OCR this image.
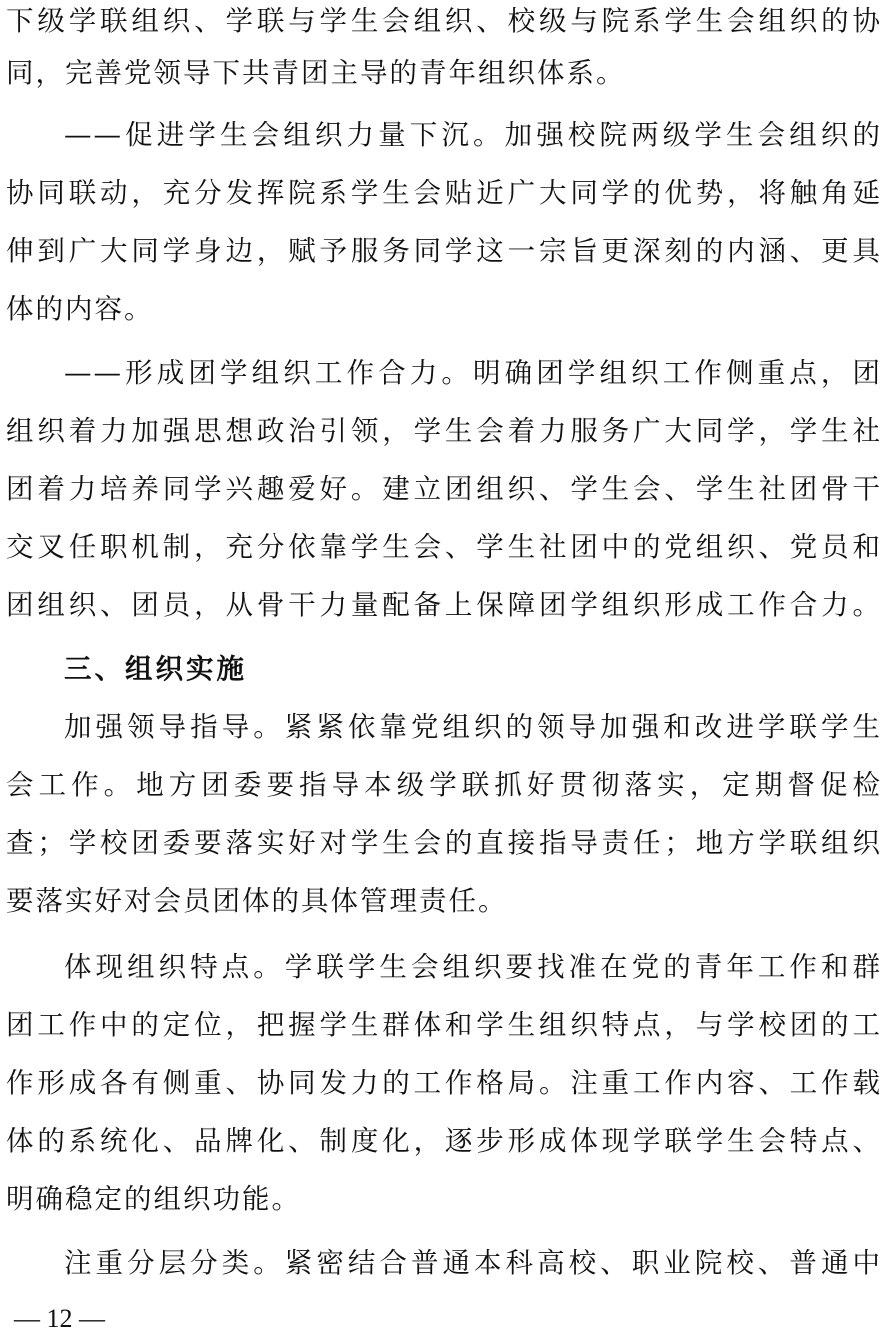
下级学联组织、学联与学生会组织、校级与院系学生会组织的协
同，完善党领导下共青团主导的青年组织体系。
——促进学生会组织力量下沉。加强校院两级学生会组织的
协同联动，充分发挥院系学生会贴近广大同学的优势，将触角延
伸到广大同学身边，赋予服务同学这一宗旨更深刻的内涵、更具
体的内容。
——形成团学组织工作合力。明确团学组织工作侧重点，团
组织着力加强思想政治引领，学生会着力服务广大同学，学生社
团着力培养同学兴趣爱好。建立团组织、学生会、学生社团骨干
交叉任职机制，充分依靠学生会、学生社团中的党组织、党员和
团组织、团员，从骨干力量配备上保障团学组织形成工作合力。
三、组织实施
加强领导指导。紧紧依靠党组织的领导加强和改进学联学生
会工作。地方团委要指导本级学联抓好贯彻落实，定期督促检
查；学校团委要落实好对学生会的直接指导责任；地方学联组织
要落实好对会员团体的具体管理责任。
体现组织特点。学联学生会组织要找准在党的青年工作和群
团工作中的定位，把握学生群体和学生组织特点，与学校团的工
作形成各有侧重、协同发力的工作格局。注重工作内容、工作载
体的系统化、品牌化、制度化，逐步形成体现学联学生会特点、
明确稳定的组织功能。
注重分层分类。紧密结合普通本科高校、职业院校、普通中
— 12 —
